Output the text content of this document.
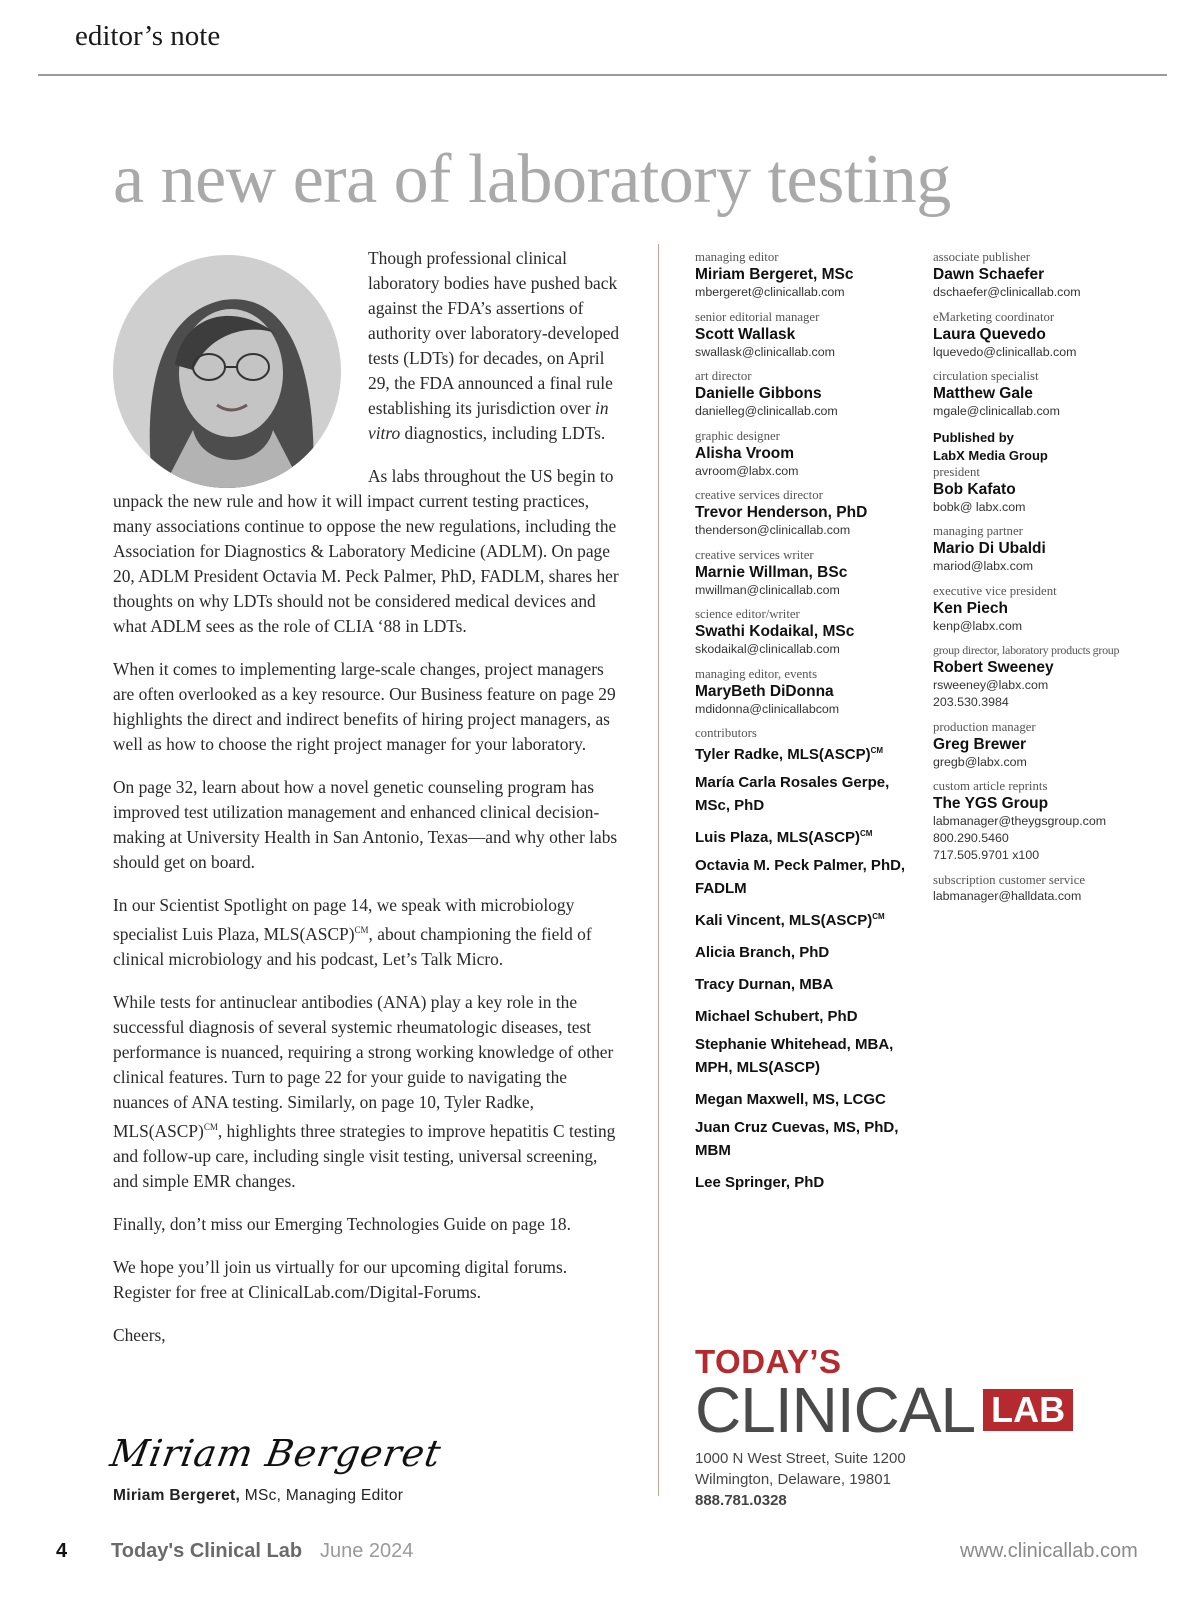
editor’s note
a new era of laboratory testing

Though professional clinical laboratory bodies have pushed back against the FDA’s assertions of authority over laboratory-developed tests (LDTs) for decades, on April 29, the FDA announced a final rule establishing its jurisdiction over in vitro diagnostics, including LDTs.

As labs throughout the US begin to unpack the new rule and how it will impact current testing practices, many associations continue to oppose the new regulations, including the Association for Diagnostics & Laboratory Medicine (ADLM). On page 20, ADLM President Octavia M. Peck Palmer, PhD, FADLM, shares her thoughts on why LDTs should not be considered medical devices and what ADLM sees as the role of CLIA ‘88 in LDTs.

When it comes to implementing large-scale changes, project managers are often overlooked as a key resource. Our Business feature on page 29 highlights the direct and indirect benefits of hiring project managers, as well as how to choose the right project manager for your laboratory.

On page 32, learn about how a novel genetic counseling program has improved test utilization management and enhanced clinical decision-making at University Health in San Antonio, Texas—and why other labs should get on board.

In our Scientist Spotlight on page 14, we speak with microbiology specialist Luis Plaza, MLS(ASCP)$^{CM}$, about championing the field of clinical microbiology and his podcast, Let’s Talk Micro.

While tests for antinuclear antibodies (ANA) play a key role in the successful diagnosis of several systemic rheumatologic diseases, test performance is nuanced, requiring a strong working knowledge of other clinical features. Turn to page 22 for your guide to navigating the nuances of ANA testing. Similarly, on page 10, Tyler Radke, MLS(ASCP)$^{CM}$, highlights three strategies to improve hepatitis C testing and follow-up care, including single visit testing, universal screening, and simple EMR changes.

Finally, don’t miss our Emerging Technologies Guide on page 18.

We hope you’ll join us virtually for our upcoming digital forums. Register for free at ClinicalLab.com/Digital-Forums.

Cheers,

Miriam Bergeret
Miriam Bergeret, MSc, Managing Editor
managing editor
Miriam Bergeret, MSc
mbergeret@clinicallab.com
senior editorial manager
Scott Wallask
swallask@clinicallab.com
art director
Danielle Gibbons
danielleg@clinicallab.com
graphic designer
Alisha Vroom
avroom@labx.com
creative services director
Trevor Henderson, PhD
thenderson@clinicallab.com
creative services writer
Marnie Willman, BSc
mwillman@clinicallab.com
science editor/writer
Swathi Kodaikal, MSc
skodaikal@clinicallab.com
managing editor, events
MaryBeth DiDonna
mdidonna@clinicallabcom
contributors
Tyler Radke, MLS(ASCP)$^{CM}$
María Carla Rosales Gerpe, MSc, PhD
Luis Plaza, MLS(ASCP)$^{CM}$
Octavia M. Peck Palmer, PhD, FADLM
Kali Vincent, MLS(ASCP)$^{CM}$
Alicia Branch, PhD
Tracy Durnan, MBA
Michael Schubert, PhD
Stephanie Whitehead, MBA, MPH, MLS(ASCP)
Megan Maxwell, MS, LCGC
Juan Cruz Cuevas, MS, PhD, MBM
Lee Springer, PhD
associate publisher
Dawn Schaefer
dschaefer@clinicallab.com
eMarketing coordinator
Laura Quevedo
lquevedo@clinicallab.com
circulation specialist
Matthew Gale
mgale@clinicallab.com
Published by
LabX Media Group
president
Bob Kafato
bobk@ labx.com
managing partner
Mario Di Ubaldi
mariod@labx.com
executive vice president
Ken Piech
kenp@labx.com
group director, laboratory products group
Robert Sweeney
rsweeney@labx.com
203.530.3984
production manager
Greg Brewer
gregb@labx.com
custom article reprints
The YGS Group
labmanager@theygsgroup.com
800.290.5460
717.505.9701 x100
subscription customer service
labmanager@halldata.com
TODAY’S
CLINICAL LAB
1000 N West Street, Suite 1200
Wilmington, Delaware, 19801
888.781.0328
4 Today's Clinical Lab June 2024	www.clinicallab.com
